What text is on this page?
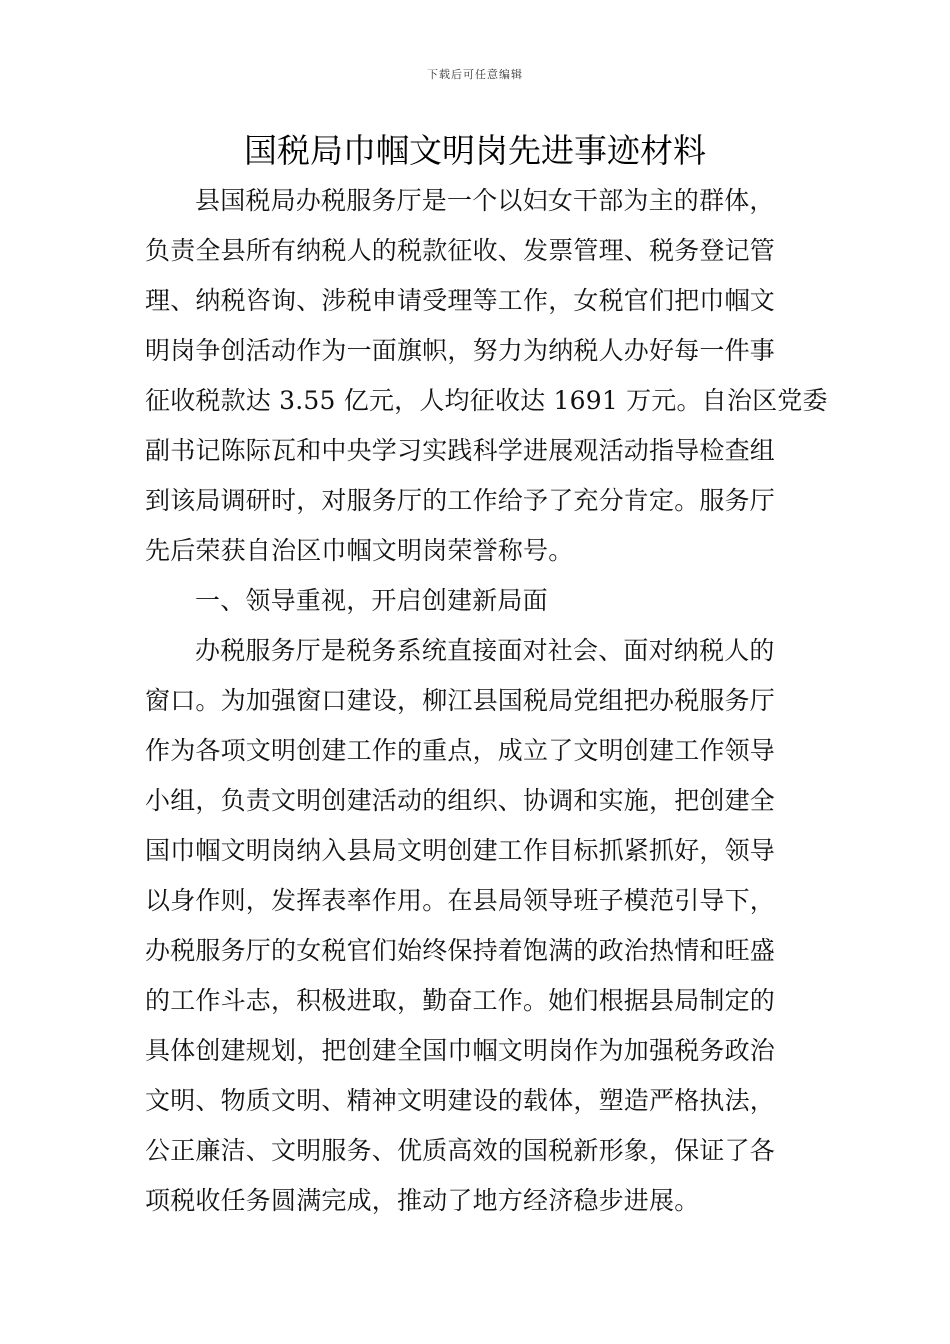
下载后可任意编辑
国税局巾帼文明岗先进事迹材料
县国税局办税服务厅是一个以妇女干部为主的群体，
负责全县所有纳税人的税款征收、发票管理、税务登记管
理、纳税咨询、涉税申请受理等工作，女税官们把巾帼文
明岗争创活动作为一面旗帜，努力为纳税人办好每一件事
征收税款达 3.55 亿元，人均征收达 1691 万元。自治区党委
副书记陈际瓦和中央学习实践科学进展观活动指导检查组
到该局调研时，对服务厅的工作给予了充分肯定。服务厅
先后荣获自治区巾帼文明岗荣誉称号。
一、领导重视，开启创建新局面
办税服务厅是税务系统直接面对社会、面对纳税人的
窗口。为加强窗口建设，柳江县国税局党组把办税服务厅
作为各项文明创建工作的重点，成立了文明创建工作领导
小组，负责文明创建活动的组织、协调和实施，把创建全
国巾帼文明岗纳入县局文明创建工作目标抓紧抓好，领导
以身作则，发挥表率作用。在县局领导班子模范引导下，
办税服务厅的女税官们始终保持着饱满的政治热情和旺盛
的工作斗志，积极进取，勤奋工作。她们根据县局制定的
具体创建规划，把创建全国巾帼文明岗作为加强税务政治
文明、物质文明、精神文明建设的载体，塑造严格执法，
公正廉洁、文明服务、优质高效的国税新形象，保证了各
项税收任务圆满完成，推动了地方经济稳步进展。
